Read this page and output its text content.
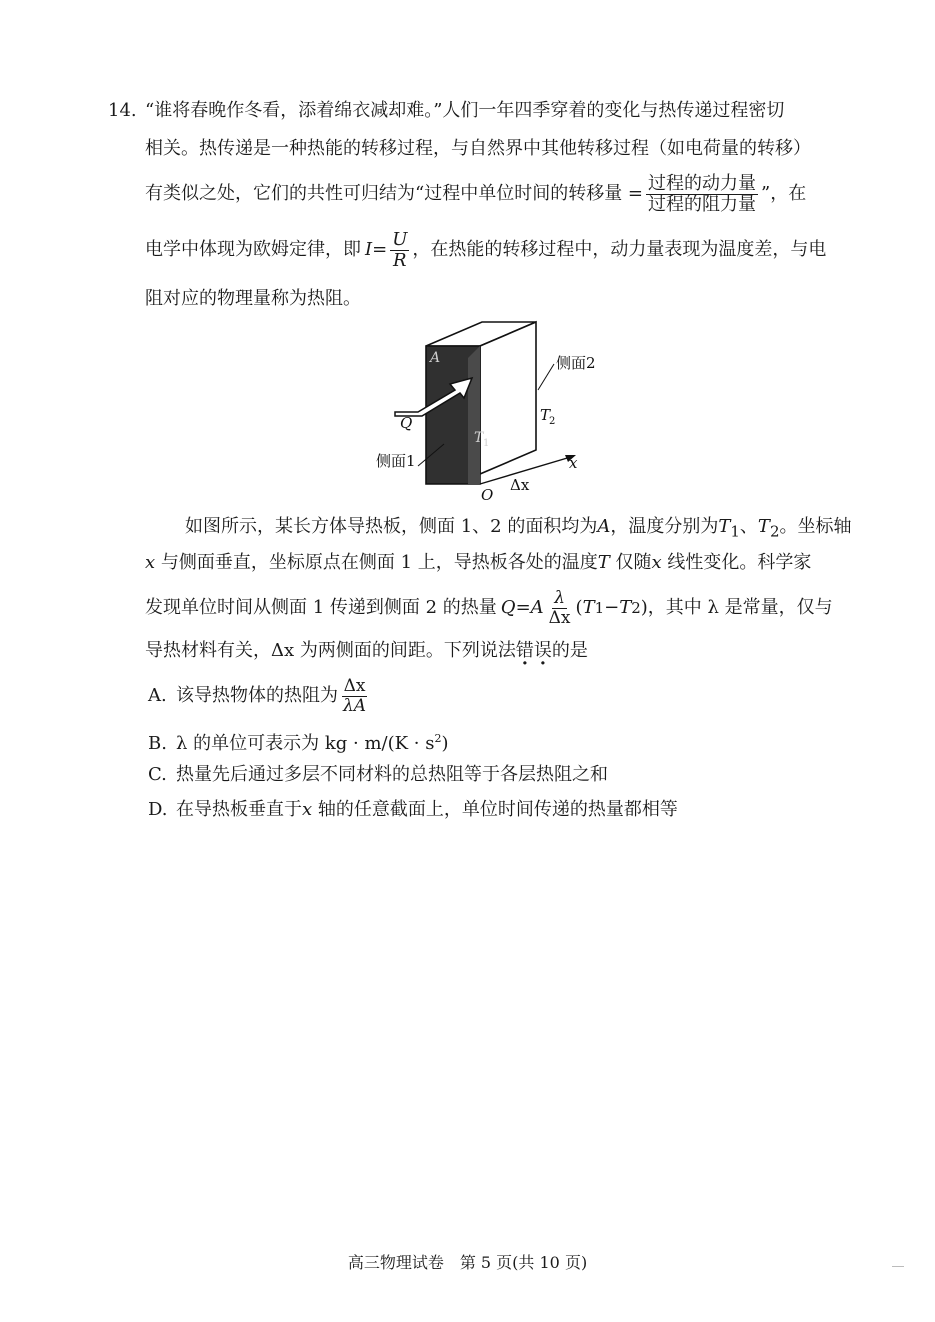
14. “谁将春晚作冬看，添着绵衣减却难。”人们一年四季穿着的变化与热传递过程密切
相关。热传递是一种热能的转移过程，与自然界中其他转移过程（如电荷量的转移）
有类似之处，它们的共性可归结为“过程中单位时间的转移量 = $\frac{\text{过程的动力量}}{\text{过程的阻力量}}$ ”，在
电学中体现为欧姆定律，即 $I = \frac{U}{R}$ ，在热能的转移过程中，动力量表现为温度差，与电
阻对应的物理量称为热阻。
A
Q
T 1
T
2
侧面2
侧面1
O
Δx
x
如图所示，某长方体导热板，侧面 1、2 的面积均为A，温度分别为$T_1$、$T_2$。坐标轴
x 与侧面垂直，坐标原点在侧面 1 上，导热板各处的温度T 仅随x 线性变化。科学家
发现单位时间从侧面 1 传递到侧面 2 的热量 Q = A $\frac{\lambda}{\Delta x}$ ( T 1 − T 2 )，其中 λ 是常量，仅与
导热材料有关，Δx 为两侧面的间距。下列说法错误的是
A. 该导热物体的热阻为 $\frac{\Delta x}{\lambda A}$
B. λ 的单位可表示为 kg · $m/(K \cdot s^2)$
C. 热量先后通过多层不同材料的总热阻等于各层热阻之和
D. 在导热板垂直于x 轴的任意截面上，单位时间传递的热量都相等
高三物理试卷　第 5 页(共 10 页)
